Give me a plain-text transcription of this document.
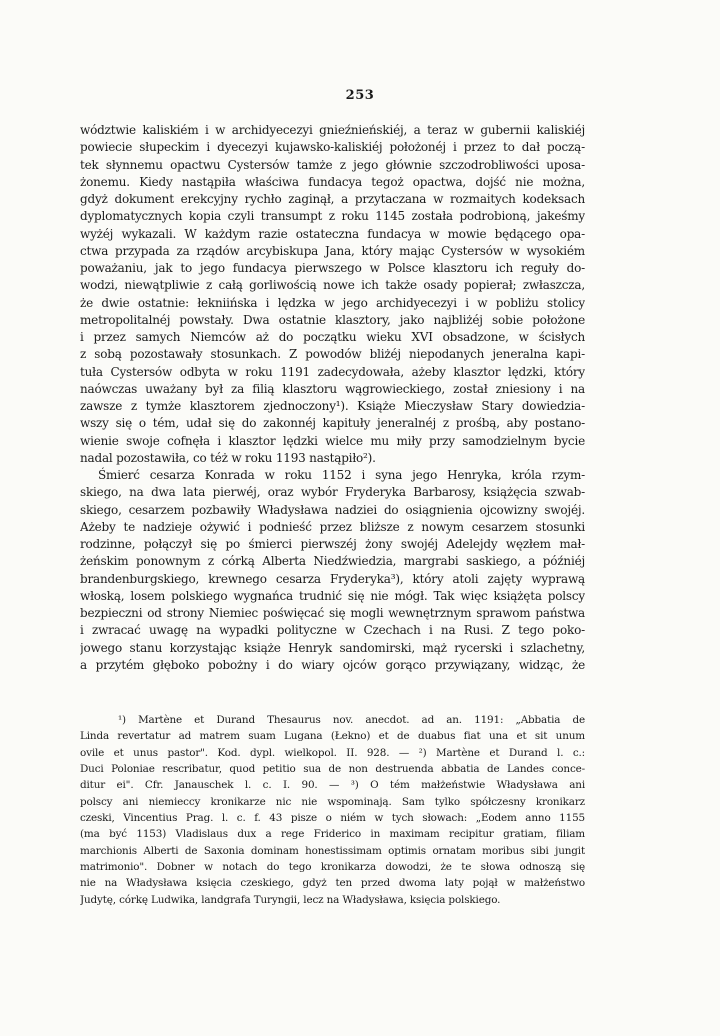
253
wództwie kaliskiém i w archidyecezyi gnieźnieńskiéj, a teraz w gubernii kaliskiéj
powiecie słupeckim i dyecezyi kujawsko-kaliskiéj położonéj i przez to dał począ-
tek słynnemu opactwu Cystersów tamże z jego głównie szczodrobliwości uposa-
żonemu. Kiedy nastąpiła właściwa fundacya tegoż opactwa, dojść nie można,
gdyż dokument erekcyjny rychło zaginął, a przytaczana w rozmaitych kodeksach
dyplomatycznych kopia czyli transumpt z roku 1145 została podrobioną, jakeśmy
wyżéj wykazali. W każdym razie ostateczna fundacya w mowie będącego opa-
ctwa przypada za rządów arcybiskupa Jana, który mając Cystersów w wysokiém
poważaniu, jak to jego fundacya pierwszego w Polsce klasztoru ich reguły do-
wodzi, niewątpliwie z całą gorliwością nowe ich także osady popierał; zwłaszcza,
że dwie ostatnie: łekniińska i lędzka w jego archidyecezyi i w pobliżu stolicy
metropolitalnéj powstały. Dwa ostatnie klasztory, jako najbliżéj sobie położone
i przez samych Niemców aż do początku wieku XVI obsadzone, w ścisłych
z sobą pozostawały stosunkach. Z powodów bliżéj niepodanych jeneralna kapi-
tuła Cystersów odbyta w roku 1191 zadecydowała, ażeby klasztor lędzki, który
naówczas uważany był za filią klasztoru wągrowieckiego, został zniesiony i na
zawsze z tymże klasztorem zjednoczony¹). Książe Mieczysław Stary dowiedzia-
wszy się o tém, udał się do zakonnéj kapituły jeneralnéj z prośbą, aby postano-
wienie swoje cofnęła i klasztor lędzki wielce mu miły przy samodzielnym bycie
nadal pozostawiła, co téż w roku 1193 nastąpiło²).
Śmierć cesarza Konrada w roku 1152 i syna jego Henryka, króla rzym-
skiego, na dwa lata pierwéj, oraz wybór Fryderyka Barbarosy, książęcia szwab-
skiego, cesarzem pozbawiły Władysława nadziei do osiągnienia ojcowizny swojéj.
Ażeby te nadzieje ożywić i podnieść przez bliższe z nowym cesarzem stosunki
rodzinne, połączył się po śmierci pierwszéj żony swojéj Adelejdy węzłem mał-
żeńskim ponownym z córką Alberta Niedźwiedzia, margrabi saskiego, a późniéj
brandenburgskiego, krewnego cesarza Fryderyka³), który atoli zajęty wyprawą
włoską, losem polskiego wygnańca trudnić się nie mógł. Tak więc książęta polscy
bezpieczni od strony Niemiec poświęcać się mogli wewnętrznym sprawom państwa
i zwracać uwagę na wypadki polityczne w Czechach i na Rusi. Z tego poko-
jowego stanu korzystając książe Henryk sandomirski, mąż rycerski i szlachetny,
a przytém głęboko pobożny i do wiary ojców gorąco przywiązany, widząc, że
¹) Martène et Durand Thesaurus nov. anecdot. ad an. 1191: „Abbatia de
Linda revertatur ad matrem suam Lugana (Łekno) et de duabus fiat una et sit unum
ovile et unus pastor". Kod. dypl. wielkopol. II. 928. — ²) Martène et Durand l. c.:
Duci Poloniae rescribatur, quod petitio sua de non destruenda abbatia de Landes conce-
ditur ei". Cfr. Janauschek l. c. I. 90. — ³) O tém małżeństwie Władysława ani
polscy ani niemieccy kronikarze nic nie wspominają. Sam tylko spółczesny kronikarz
czeski, Vincentius Prag. l. c. f. 43 pisze o niém w tych słowach: „Eodem anno 1155
(ma być 1153) Vladislaus dux a rege Friderico in maximam recipitur gratiam, filiam
marchionis Alberti de Saxonia dominam honestissimam optimis ornatam moribus sibi jungit
matrimonio". Dobner w notach do tego kronikarza dowodzi, że te słowa odnoszą się
nie na Władysława księcia czeskiego, gdyż ten przed dwoma laty pojął w małżeństwo
Judytę, córkę Ludwika, landgrafa Turyngii, lecz na Władysława, księcia polskiego.
